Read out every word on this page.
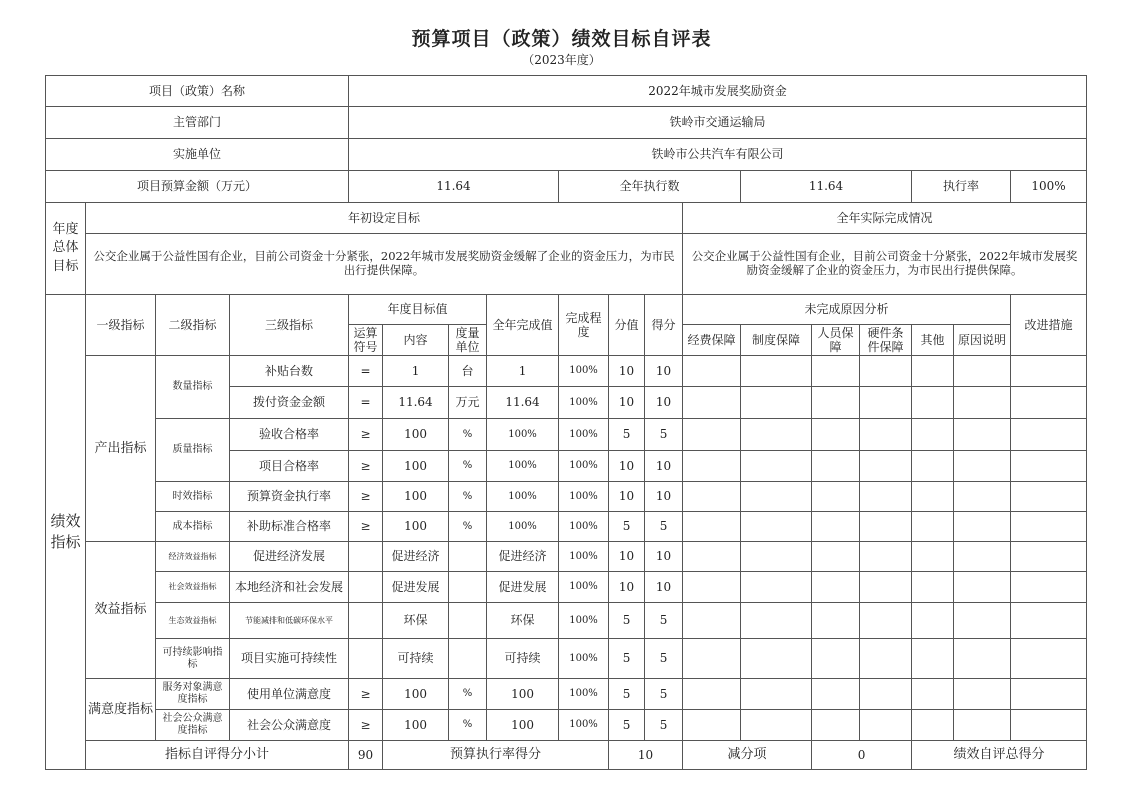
预算项目（政策）绩效目标自评表
（2023年度）
项目（政策）名称				2022年城市发展奖励资金														
主管部门				铁岭市交通运输局														
实施单位				铁岭市公共汽车有限公司														
项目预算金额（万元）				11.64				全年执行数				11.64			执行率		100%	
年度总体目标	年初设定目标										全年实际完成情况							
	公交企业属于公益性国有企业，目前公司资金十分紧张，2022年城市发展奖励资金缓解了企业的资金压力，为市民出行提供保障。										公交企业属于公益性国有企业，目前公司资金十分紧张，2022年城市发展奖励资金缓解了企业的资金压力，为市民出行提供保障。							
绩效指标	一级指标	二级指标	三级指标	年度目标值			全年完成值	完成程度	分值	得分	未完成原因分析						改进措施	
				运算符号	内容	度量单位					经费保障	制度保障	人员保障	硬件条件保障	其他	原因说明		
	产出指标	数量指标	补贴台数	=	1	台	1	100%	10	10								
			拨付资金金额	=	11.64	万元	11.64	100%	10	10								
		质量指标	验收合格率	≥	100	%	100%	100%	5	5								
			项目合格率	≥	100	%	100%	100%	10	10								
		时效指标	预算资金执行率	≥	100	%	100%	100%	10	10								
		成本指标	补助标准合格率	≥	100	%	100%	100%	5	5								
	效益指标	经济效益指标	促进经济发展		促进经济		促进经济	100%	10	10								
		社会效益指标	本地经济和社会发展		促进发展		促进发展	100%	10	10								
		生态效益指标	节能减排和低碳环保水平		环保		环保	100%	5	5								
		可持续影响指标	项目实施可持续性		可持续		可持续	100%	5	5								
	满意度指标	服务对象满意度指标	使用单位满意度	≥	100	%	100	100%	5	5								
		社会公众满意度指标	社会公众满意度	≥	100	%	100	100%	5	5								
	指标自评得分小计			90	预算执行率得分				10		减分项		0		绩效自评总得分	
